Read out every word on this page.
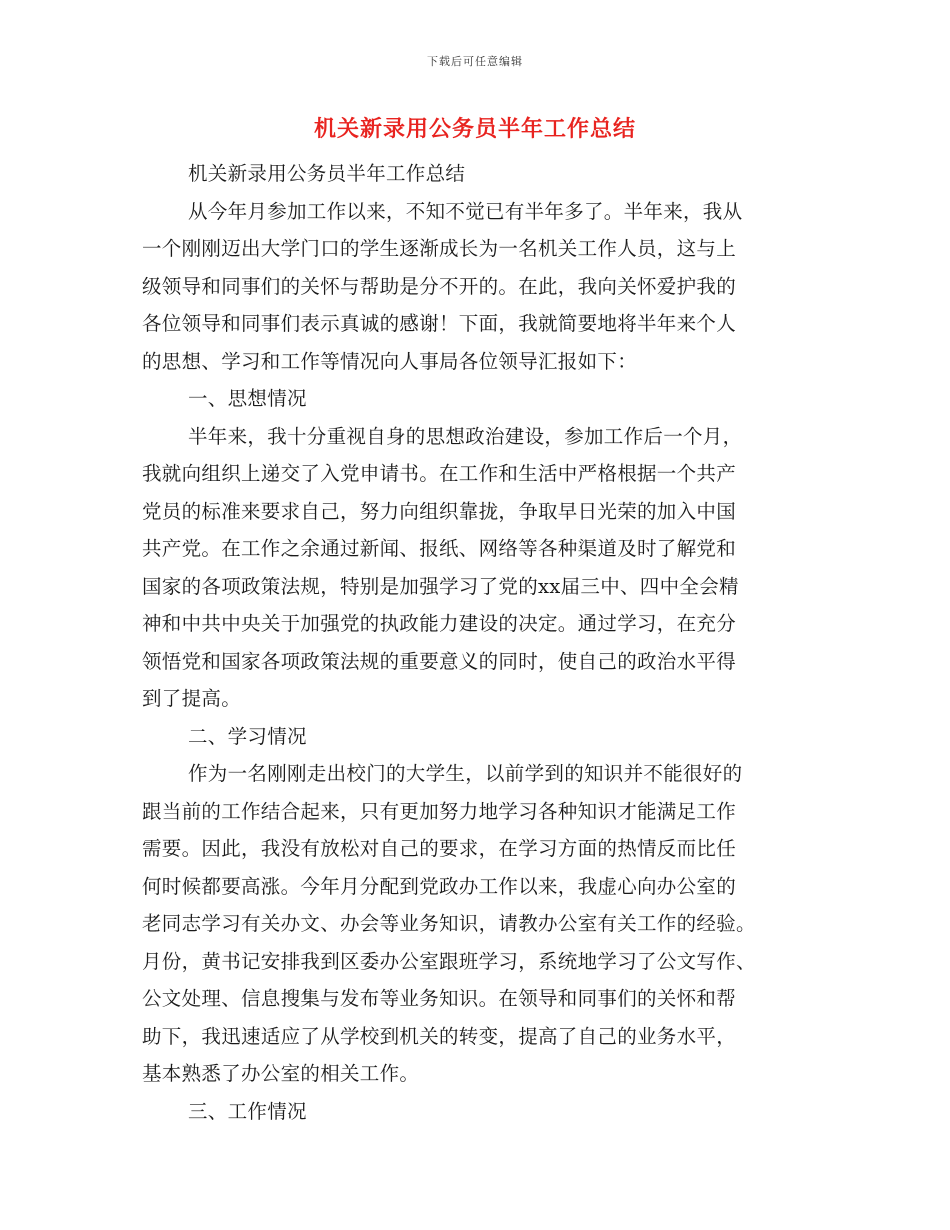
下载后可任意编辑
机关新录用公务员半年工作总结
机关新录用公务员半年工作总结
从今年月参加工作以来，不知不觉已有半年多了。半年来，我从
一个刚刚迈出大学门口的学生逐渐成长为一名机关工作人员，这与上
级领导和同事们的关怀与帮助是分不开的。在此，我向关怀爱护我的
各位领导和同事们表示真诚的感谢！下面，我就简要地将半年来个人
的思想、学习和工作等情况向人事局各位领导汇报如下：
一、思想情况
半年来，我十分重视自身的思想政治建设，参加工作后一个月，
我就向组织上递交了入党申请书。在工作和生活中严格根据一个共产
党员的标准来要求自己，努力向组织靠拢，争取早日光荣的加入中国
共产党。在工作之余通过新闻、报纸、网络等各种渠道及时了解党和
国家的各项政策法规，特别是加强学习了党的xx届三中、四中全会精
神和中共中央关于加强党的执政能力建设的决定。通过学习，在充分
领悟党和国家各项政策法规的重要意义的同时，使自己的政治水平得
到了提高。
二、学习情况
作为一名刚刚走出校门的大学生，以前学到的知识并不能很好的
跟当前的工作结合起来，只有更加努力地学习各种知识才能满足工作
需要。因此，我没有放松对自己的要求，在学习方面的热情反而比任
何时候都要高涨。今年月分配到党政办工作以来，我虚心向办公室的
老同志学习有关办文、办会等业务知识，请教办公室有关工作的经验。
月份，黄书记安排我到区委办公室跟班学习，系统地学习了公文写作、
公文处理、信息搜集与发布等业务知识。在领导和同事们的关怀和帮
助下，我迅速适应了从学校到机关的转变，提高了自己的业务水平，
基本熟悉了办公室的相关工作。
三、工作情况
